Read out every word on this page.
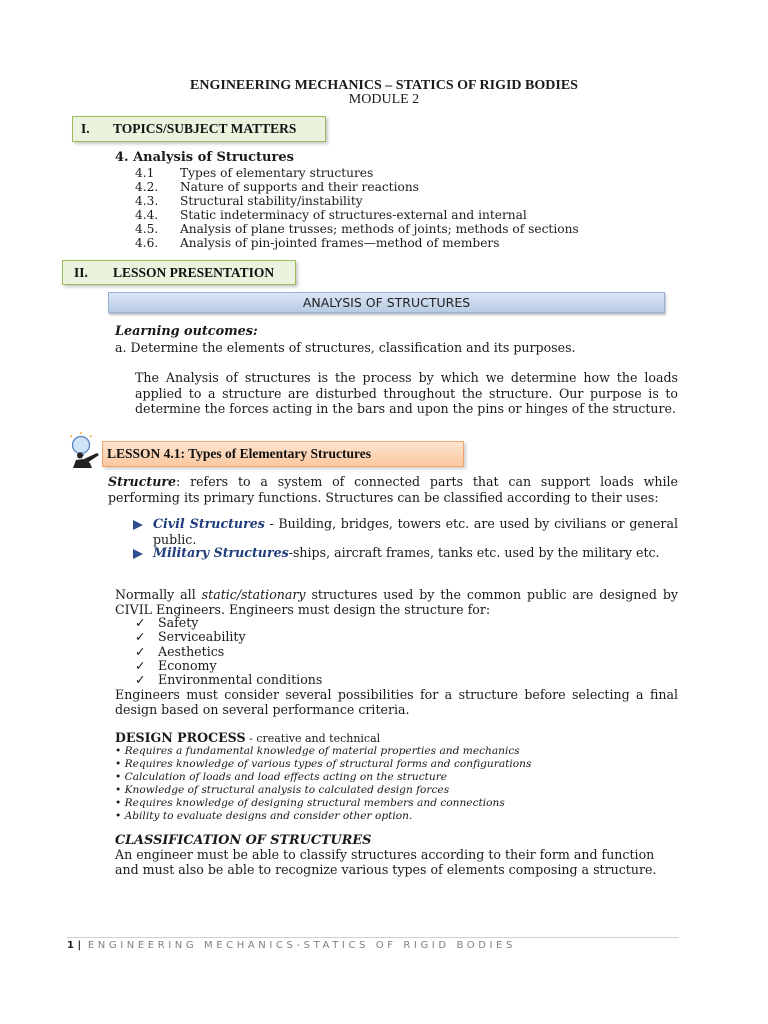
ENGINEERING MECHANICS – STATICS OF RIGID BODIES
MODULE 2
I. TOPICS/SUBJECT MATTERS
4. Analysis of Structures
4.1 Types of elementary structures
4.2. Nature of supports and their reactions
4.3. Structural stability/instability
4.4. Static indeterminacy of structures-external and internal
4.5. Analysis of plane trusses; methods of joints; methods of sections
4.6. Analysis of pin-jointed frames—method of members
II. LESSON PRESENTATION
ANALYSIS OF STRUCTURES
Learning outcomes:
a. Determine the elements of structures, classification and its purposes.
The Analysis of structures is the process by which we determine how the loads applied to a structure are disturbed throughout the structure. Our purpose is to determine the forces acting in the bars and upon the pins or hinges of the structure.
LESSON 4.1: Types of Elementary Structures
Structure: refers to a system of connected parts that can support loads while performing its primary functions. Structures can be classified according to their uses:
Civil Structures - Building, bridges, towers etc. are used by civilians or general public.
Military Structures-ships, aircraft frames, tanks etc. used by the military etc.
Normally all static/stationary structures used by the common public are designed by CIVIL Engineers. Engineers must design the structure for:
✓ Safety
✓ Serviceability
✓ Aesthetics
✓ Economy
✓ Environmental conditions
Engineers must consider several possibilities for a structure before selecting a final design based on several performance criteria.
DESIGN PROCESS - creative and technical
• Requires a fundamental knowledge of material properties and mechanics
• Requires knowledge of various types of structural forms and configurations
• Calculation of loads and load effects acting on the structure
• Knowledge of structural analysis to calculated design forces
• Requires knowledge of designing structural members and connections
• Ability to evaluate designs and consider other option.
CLASSIFICATION OF STRUCTURES
An engineer must be able to classify structures according to their form and function and must also be able to recognize various types of elements composing a structure.
1 | ENGINEERING MECHANICS-STATICS OF RIGID BODIES
